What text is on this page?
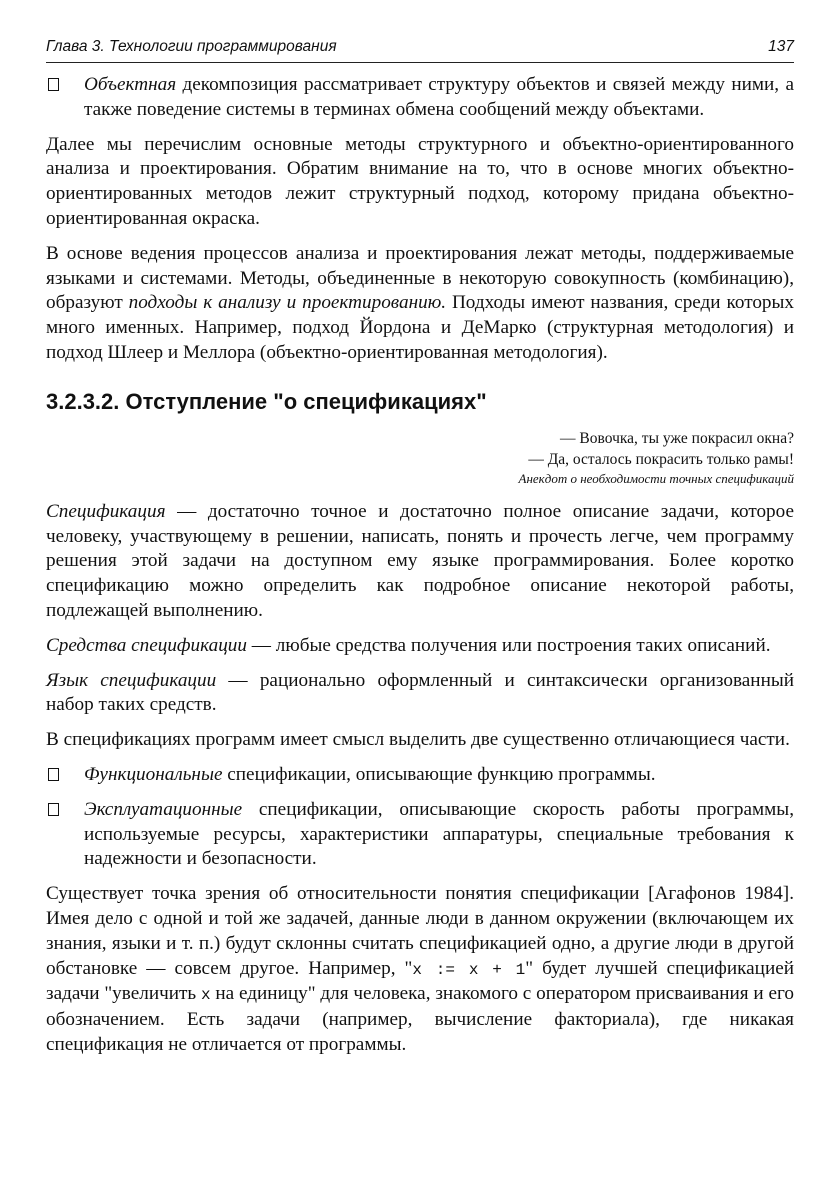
Глава 3. Технологии программирования	137

Объектная декомпозиция рассматривает структуру объектов и связей между ними, а также поведение системы в терминах обмена сообщений между объектами.

Далее мы перечислим основные методы структурного и объектно-ориентированного анализа и проектирования. Обратим внимание на то, что в основе многих объектно-ориентированных методов лежит структурный подход, которому придана объектно-ориентированная окраска.

В основе ведения процессов анализа и проектирования лежат методы, поддерживаемые языками и системами. Методы, объединенные в некоторую совокупность (комбинацию), образуют подходы к анализу и проектированию. Подходы имеют названия, среди которых много именных. Например, подход Йордона и ДеМарко (структурная методология) и подход Шлеер и Меллора (объектно-ориентированная методология).

3.2.3.2. Отступление "о спецификациях"

— Вовочка, ты уже покрасил окна?

— Да, осталось покрасить только рамы!

Анекдот о необходимости точных спецификаций

Спецификация — достаточно точное и достаточно полное описание задачи, которое человеку, участвующему в решении, написать, понять и прочесть легче, чем программу решения этой задачи на доступном ему языке программирования. Более коротко спецификацию можно определить как подробное описание некоторой работы, подлежащей выполнению.

Средства спецификации — любые средства получения или построения таких описаний.

Язык спецификации — рационально оформленный и синтаксически организованный набор таких средств.

В спецификациях программ имеет смысл выделить две существенно отличающиеся части.

Функциональные спецификации, описывающие функцию программы.

Эксплуатационные спецификации, описывающие скорость работы программы, используемые ресурсы, характеристики аппаратуры, специальные требования к надежности и безопасности.

Существует точка зрения об относительности понятия спецификации [Агафонов 1984]. Имея дело с одной и той же задачей, данные люди в данном окружении (включающем их знания, языки и т. п.) будут склонны считать спецификацией одно, а другие люди в другой обстановке — совсем другое. Например, "x := x + 1" будет лучшей спецификацией задачи "увеличить x на единицу" для человека, знакомого с оператором присваивания и его обозначением. Есть задачи (например, вычисление факториала), где никакая спецификация не отличается от программы.
